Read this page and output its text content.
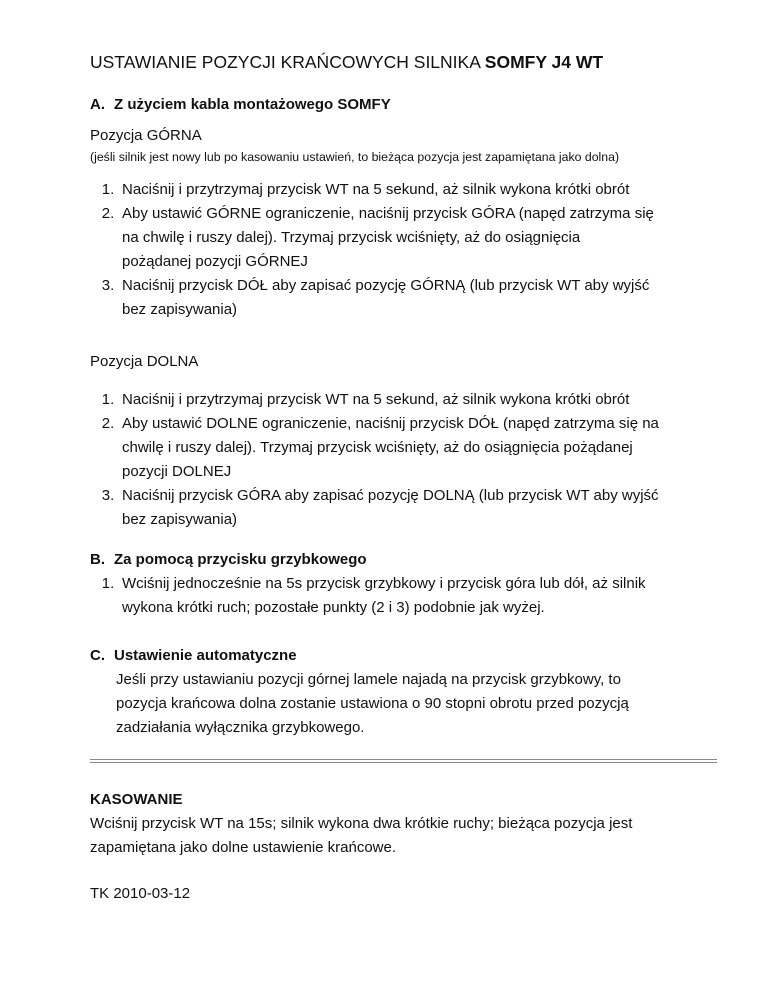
USTAWIANIE POZYCJI KRAŃCOWYCH SILNIKA SOMFY J4 WT
A. Z użyciem kabla montażowego SOMFY
Pozycja GÓRNA
(jeśli silnik jest nowy lub po kasowaniu ustawień, to bieżąca pozycja jest zapamiętana jako dolna)
1. Naciśnij i przytrzymaj przycisk WT na 5 sekund, aż silnik wykona krótki obrót
2. Aby ustawić GÓRNE ograniczenie, naciśnij przycisk GÓRA (napęd zatrzyma się
na chwilę i ruszy dalej). Trzymaj przycisk wciśnięty, aż do osiągnięcia
pożądanej pozycji GÓRNEJ
3. Naciśnij przycisk DÓŁ aby zapisać pozycję GÓRNĄ (lub przycisk WT aby wyjść
bez zapisywania)
Pozycja DOLNA
1. Naciśnij i przytrzymaj przycisk WT na 5 sekund, aż silnik wykona krótki obrót
2. Aby ustawić DOLNE ograniczenie, naciśnij przycisk DÓŁ (napęd zatrzyma się na
chwilę i ruszy dalej). Trzymaj przycisk wciśnięty, aż do osiągnięcia pożądanej
pozycji DOLNEJ
3. Naciśnij przycisk GÓRA aby zapisać pozycję DOLNĄ (lub przycisk WT aby wyjść
bez zapisywania)
B. Za pomocą przycisku grzybkowego
1. Wciśnij jednocześnie na 5s przycisk grzybkowy i przycisk góra lub dół, aż silnik
wykona krótki ruch; pozostałe punkty (2 i 3) podobnie jak wyżej.
C. Ustawienie automatyczne
Jeśli przy ustawianiu pozycji górnej lamele najadą na przycisk grzybkowy, to
pozycja krańcowa dolna zostanie ustawiona o 90 stopni obrotu przed pozycją
zadziałania wyłącznika grzybkowego.
KASOWANIE
Wciśnij przycisk WT na 15s; silnik wykona dwa krótkie ruchy; bieżąca pozycja jest
zapamiętana jako dolne ustawienie krańcowe.
TK 2010-03-12
